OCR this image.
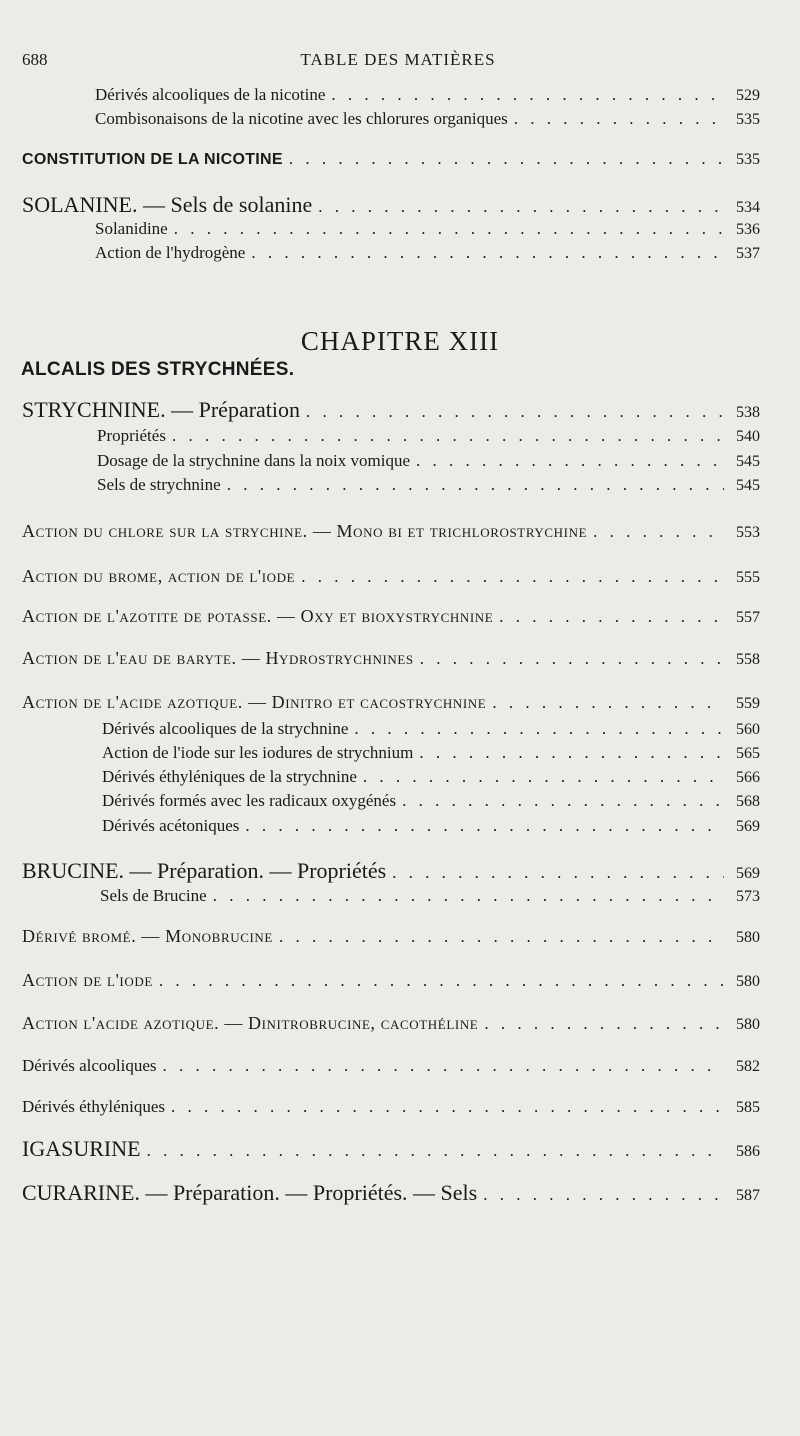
688	TABLE DES MATIÈRES
Dérivés alcooliques de la nicotine . . .	529
Combisonaisons de la nicotine avec les chlorures organiques . . .	535
CONSTITUTION DE LA NICOTINE . . .	535
SOLANINE. — Sels de solanine . . .	534
Solanidine . . .	536
Action de l'hydrogène . . .	537
CHAPITRE XIII
ALCALIS DES STRYCHNÉES.
STRYCHNINE. — Préparation . . .	538
Propriétés . . .	540
Dosage de la strychnine dans la noix vomique . . .	545
Sels de strychnine . . .	545
Action du chlore sur la strychine. — Mono bi et trichlorostrychine . . .	553
Action du brome, action de l'iode . . .	555
Action de l'azotite de potasse. — Oxy et bioxystrychnine . . .	557
Action de l'eau de baryte. — Hydrostrychnines . . .	558
Action de l'acide azotique. — Dinitro et cacostrychnine . . .	559
Dérivés alcooliques de la strychnine . . .	560
Action de l'iode sur les iodures de strychnium . . .	565
Dérivés éthyléniques de la strychnine . . .	566
Dérivés formés avec les radicaux oxygénés . . .	568
Dérivés acétoniques . . .	569
BRUCINE. — Préparation. — Propriétés . . .	569
Sels de Brucine . . .	573
Dérivé bromé. — Monobrucine . . .	580
Action de l'iode . . .	580
Action l'acide azotique. — Dinitrobrucine, cacothéline . . .	580
Dérivés alcooliques . . .	582
Dérivés éthyléniques . . .	585
IGASURINE . . .	586
CURARINE. — Préparation. — Propriétés. — Sels . . .	587
